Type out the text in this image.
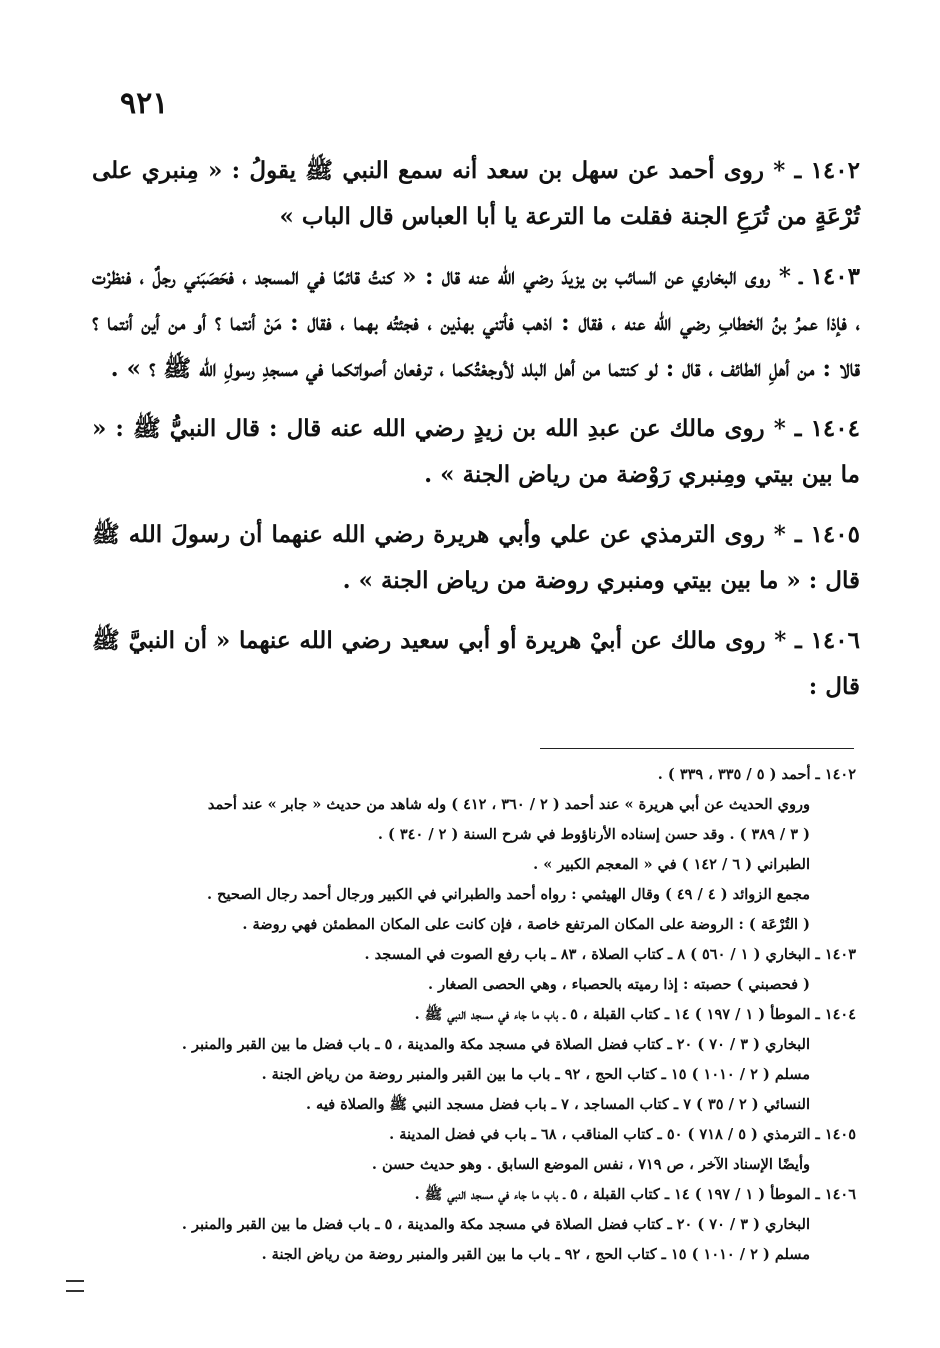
٩٢١

١٤٠٢ ـ * روى أحمد عن سهل بن سعد أنه سمع النبي ﷺ يقولُ : « مِنبري على تُرْعَةٍ من تُرَعِ الجنة فقلت ما الترعة يا أبا العباس قال الباب »

١٤٠٣ ـ * روى البخاري عن السائب بن يزيدَ رضي الله عنه قال : « كنتُ قائمًا في المسجد ، فحَصَبَني رجلٌ ، فنظرْت ، فإذا عمرُ بنُ الخطابِ رضي الله عنه ، فقال : اذهب فأتني بهذين ، فجئتُه بهما ، فقال : مَنْ أنتما ؟ أو من أين أنتما ؟ قالا : من أهلِ الطائف ، قال : لو كنتما من أهل البلد لأوجعْتُكما ، ترفعان أصواتكما في مسجدِ رسولِ الله ﷺ ؟ » .

١٤٠٤ ـ * روى مالك عن عبدِ الله بن زيدٍ رضي الله عنه قال : قال النبيُّ ﷺ : « ما بين بيتي ومِنبري رَوْضة من رياض الجنة » .

١٤٠٥ ـ * روى الترمذي عن علي وأبي هريرة رضي الله عنهما أن رسولَ الله ﷺ قال : « ما بين بيتي ومنبري روضة من رياض الجنة » .

١٤٠٦ ـ * روى مالك عن أبيْ هريرة أو أبي سعيد رضي الله عنهما « أن النبيَّ ﷺ قال :

١٤٠٢ ـ أحمد ( ٥ / ٣٣٥ ، ٣٣٩ ) .
وروي الحديث عن أبي هريرة » عند أحمد ( ٢ / ٣٦٠ ، ٤١٢ ) وله شاهد من حديث « جابر » عند أحمد
( ٣ / ٣٨٩ ) . وقد حسن إسناده الأرناؤوط في شرح السنة ( ٢ / ٣٤٠ ) .
الطبراني ( ٦ / ١٤٢ ) في « المعجم الكبير » .
مجمع الزوائد ( ٤ / ٤٩ ) وقال الهيثمي : رواه أحمد والطبراني في الكبير ورجال أحمد رجال الصحيح .
( التُرْعَة ) : الروضة على المكان المرتفع خاصة ، فإن كانت على المكان المطمئن فهي روضة .
١٤٠٣ ـ البخاري ( ١ / ٥٦٠ ) ٨ ـ كتاب الصلاة ، ٨٣ ـ باب رفع الصوت في المسجد .
( فحصبني ) حصبته : إذا رميته بالحصباء ، وهي الحصى الصغار .
١٤٠٤ ـ الموطأ ( ١ / ١٩٧ ) ١٤ ـ كتاب القبلة ، ٥ ـ باب ما جاء في مسجد النبي ﷺ .
البخاري ( ٣ / ٧٠ ) ٢٠ ـ كتاب فضل الصلاة في مسجد مكة والمدينة ، ٥ ـ باب فضل ما بين القبر والمنبر .
مسلم ( ٢ / ١٠١٠ ) ١٥ ـ كتاب الحج ، ٩٢ ـ باب ما بين القبر والمنبر روضة من رياض الجنة .
النسائي ( ٢ / ٣٥ ) ٧ ـ كتاب المساجد ، ٧ ـ باب فضل مسجد النبي ﷺ والصلاة فيه .
١٤٠٥ ـ الترمذي ( ٥ / ٧١٨ ) ٥٠ ـ كتاب المناقب ، ٦٨ ـ باب في فضل المدينة .
وأيضًا الإسناد الآخر ، ص ٧١٩ ، نفس الموضع السابق . وهو حديث حسن .
١٤٠٦ ـ الموطأ ( ١ / ١٩٧ ) ١٤ ـ كتاب القبلة ، ٥ ـ باب ما جاء في مسجد النبي ﷺ .
البخاري ( ٣ / ٧٠ ) ٢٠ ـ كتاب فضل الصلاة في مسجد مكة والمدينة ، ٥ ـ باب فضل ما بين القبر والمنبر .
مسلم ( ٢ / ١٠١٠ ) ١٥ ـ كتاب الحج ، ٩٢ ـ باب ما بين القبر والمنبر روضة من رياض الجنة .
